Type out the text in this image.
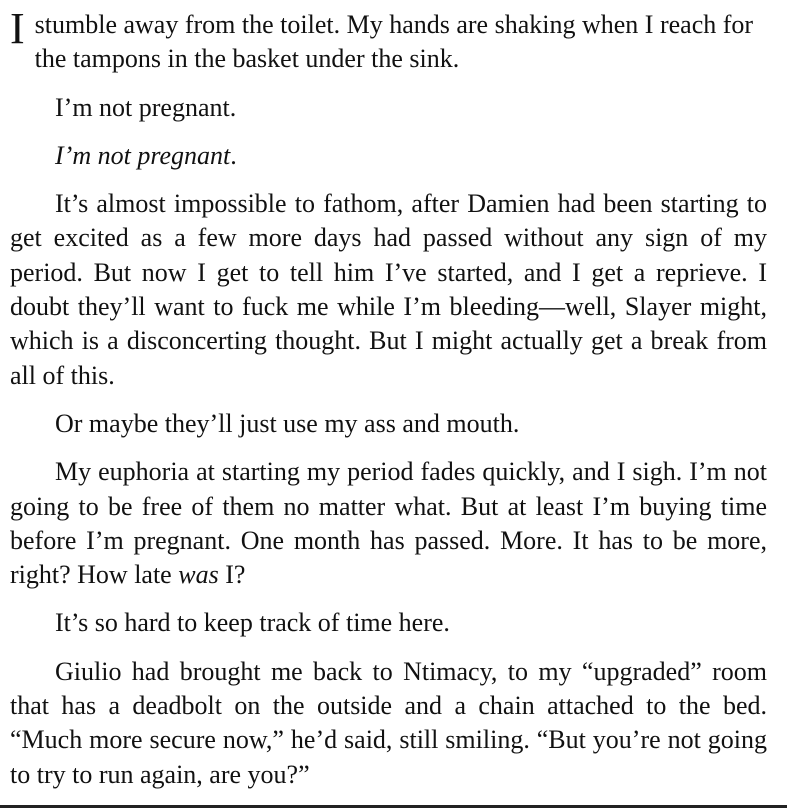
I stumble away from the toilet. My hands are shaking when I reach for the tampons in the basket under the sink.

I’m not pregnant.

I’m not pregnant.

It’s almost impossible to fathom, after Damien had been starting to get excited as a few more days had passed without any sign of my period. But now I get to tell him I’ve started, and I get a reprieve. I doubt they’ll want to fuck me while I’m bleeding—well, Slayer might, which is a disconcerting thought. But I might actually get a break from all of this.

Or maybe they’ll just use my ass and mouth.

My euphoria at starting my period fades quickly, and I sigh. I’m not going to be free of them no matter what. But at least I’m buying time before I’m pregnant. One month has passed. More. It has to be more, right? How late was I?

It’s so hard to keep track of time here.

Giulio had brought me back to Ntimacy, to my “upgraded” room that has a deadbolt on the outside and a chain attached to the bed. “Much more secure now,” he’d said, still smiling. “But you’re not going to try to run again, are you?”
